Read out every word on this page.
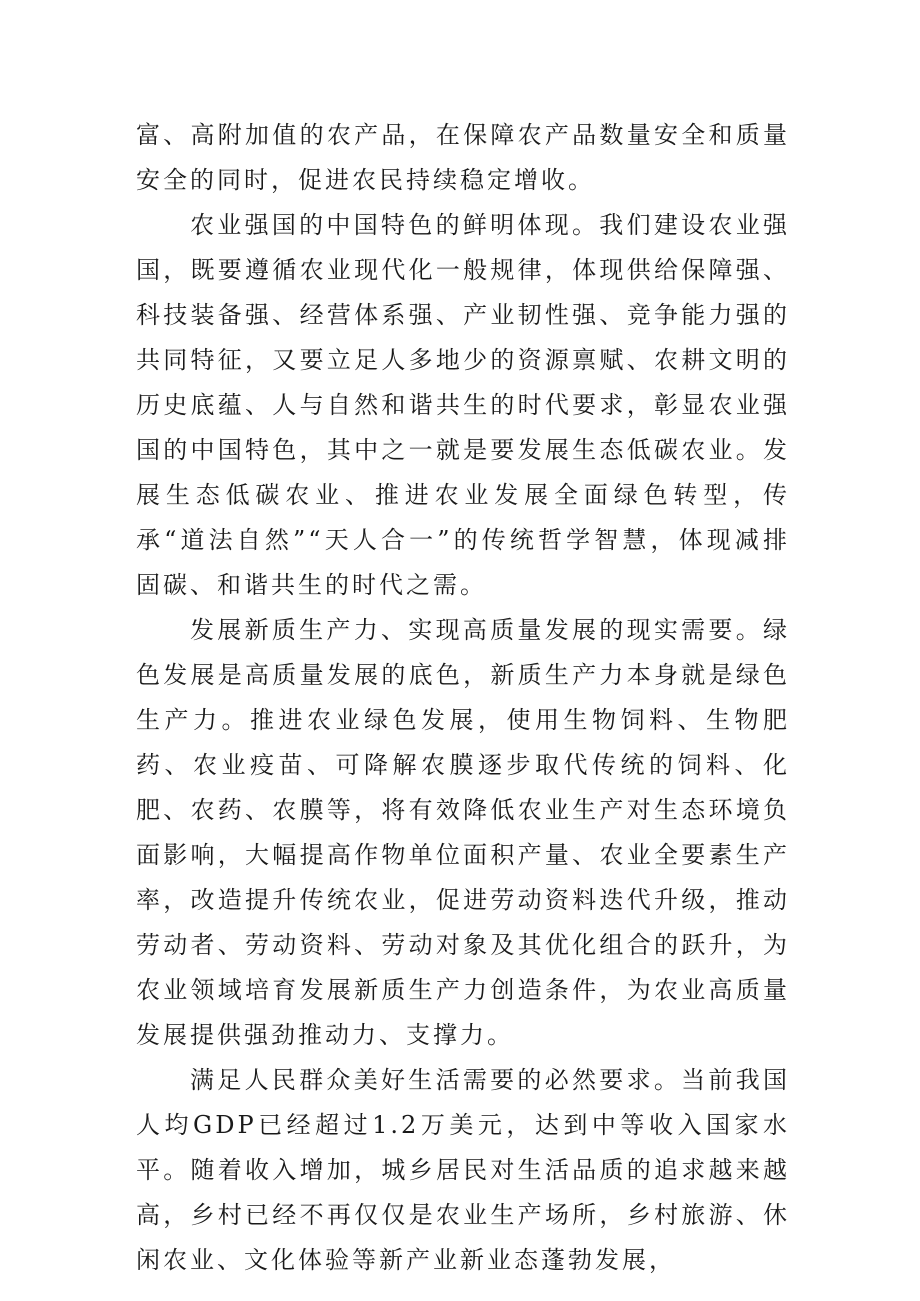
富、高附加值的农产品，在保障农产品数量安全和质量安全的同时，促进农民持续稳定增收。

农业强国的中国特色的鲜明体现。我们建设农业强国，既要遵循农业现代化一般规律，体现供给保障强、科技装备强、经营体系强、产业韧性强、竞争能力强的共同特征，又要立足人多地少的资源禀赋、农耕文明的历史底蕴、人与自然和谐共生的时代要求，彰显农业强国的中国特色，其中之一就是要发展生态低碳农业。发展生态低碳农业、推进农业发展全面绿色转型，传承“道法自然”“天人合一”的传统哲学智慧，体现减排固碳、和谐共生的时代之需。

发展新质生产力、实现高质量发展的现实需要。绿色发展是高质量发展的底色，新质生产力本身就是绿色生产力。推进农业绿色发展，使用生物饲料、生物肥药、农业疫苗、可降解农膜逐步取代传统的饲料、化肥、农药、农膜等，将有效降低农业生产对生态环境负面影响，大幅提高作物单位面积产量、农业全要素生产率，改造提升传统农业，促进劳动资料迭代升级，推动劳动者、劳动资料、劳动对象及其优化组合的跃升，为农业领域培育发展新质生产力创造条件，为农业高质量发展提供强劲推动力、支撑力。

满足人民群众美好生活需要的必然要求。当前我国人均GDP已经超过1.2万美元，达到中等收入国家水平。随着收入增加，城乡居民对生活品质的追求越来越高，乡村已经不再仅仅是农业生产场所，乡村旅游、休闲农业、文化体验等新产业新业态蓬勃发展，
